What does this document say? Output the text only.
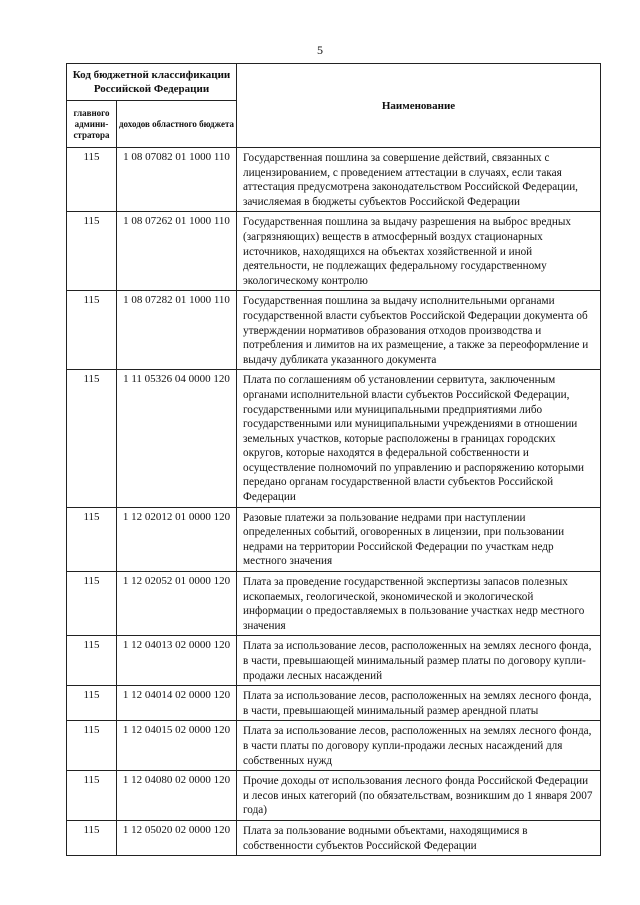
5
Код бюджетной классификации Российской Федерации		Наименование
главного админи-стратора	доходов областного бюджета	
115	1 08 07082 01 1000 110	Государственная пошлина за совершение действий, связанных с лицензированием, с проведением аттестации в случаях, если такая аттестация предусмотрена законодательством Российской Федерации, зачисляемая в бюджеты субъектов Российской Федерации
115	1 08 07262 01 1000 110	Государственная пошлина за выдачу разрешения на выброс вредных (загрязняющих) веществ в атмосферный воздух стационарных источников, находящихся на объектах хозяйственной и иной деятельности, не подлежащих федеральному государственному экологическому контролю
115	1 08 07282 01 1000 110	Государственная пошлина за выдачу исполнительными органами государственной власти субъектов Российской Федерации документа об утверждении нормативов образования отходов производства и потребления и лимитов на их размещение, а также за переоформление и выдачу дубликата указанного документа
115	1 11 05326 04 0000 120	Плата по соглашениям об установлении сервитута, заключенным органами исполнительной власти субъектов Российской Федерации, государственными или муниципальными предприятиями либо государственными или муниципальными учреждениями в отношении земельных участков, которые расположены в границах городских округов, которые находятся в федеральной собственности и осуществление полномочий по управлению и распоряжению которыми передано органам государственной власти субъектов Российской Федерации
115	1 12 02012 01 0000 120	Разовые платежи за пользование недрами при наступлении определенных событий, оговоренных в лицензии, при пользовании недрами на территории Российской Федерации по участкам недр местного значения
115	1 12 02052 01 0000 120	Плата за проведение государственной экспертизы запасов полезных ископаемых, геологической, экономической и экологической информации о предоставляемых в пользование участках недр местного значения
115	1 12 04013 02 0000 120	Плата за использование лесов, расположенных на землях лесного фонда, в части, превышающей минимальный размер платы по договору купли-продажи лесных насаждений
115	1 12 04014 02 0000 120	Плата за использование лесов, расположенных на землях лесного фонда, в части, превышающей минимальный размер арендной платы
115	1 12 04015 02 0000 120	Плата за использование лесов, расположенных на землях лесного фонда, в части платы по договору купли-продажи лесных насаждений для собственных нужд
115	1 12 04080 02 0000 120	Прочие доходы от использования лесного фонда Российской Федерации и лесов иных категорий (по обязательствам, возникшим до 1 января 2007 года)
115	1 12 05020 02 0000 120	Плата за пользование водными объектами, находящимися в собственности субъектов Российской Федерации
